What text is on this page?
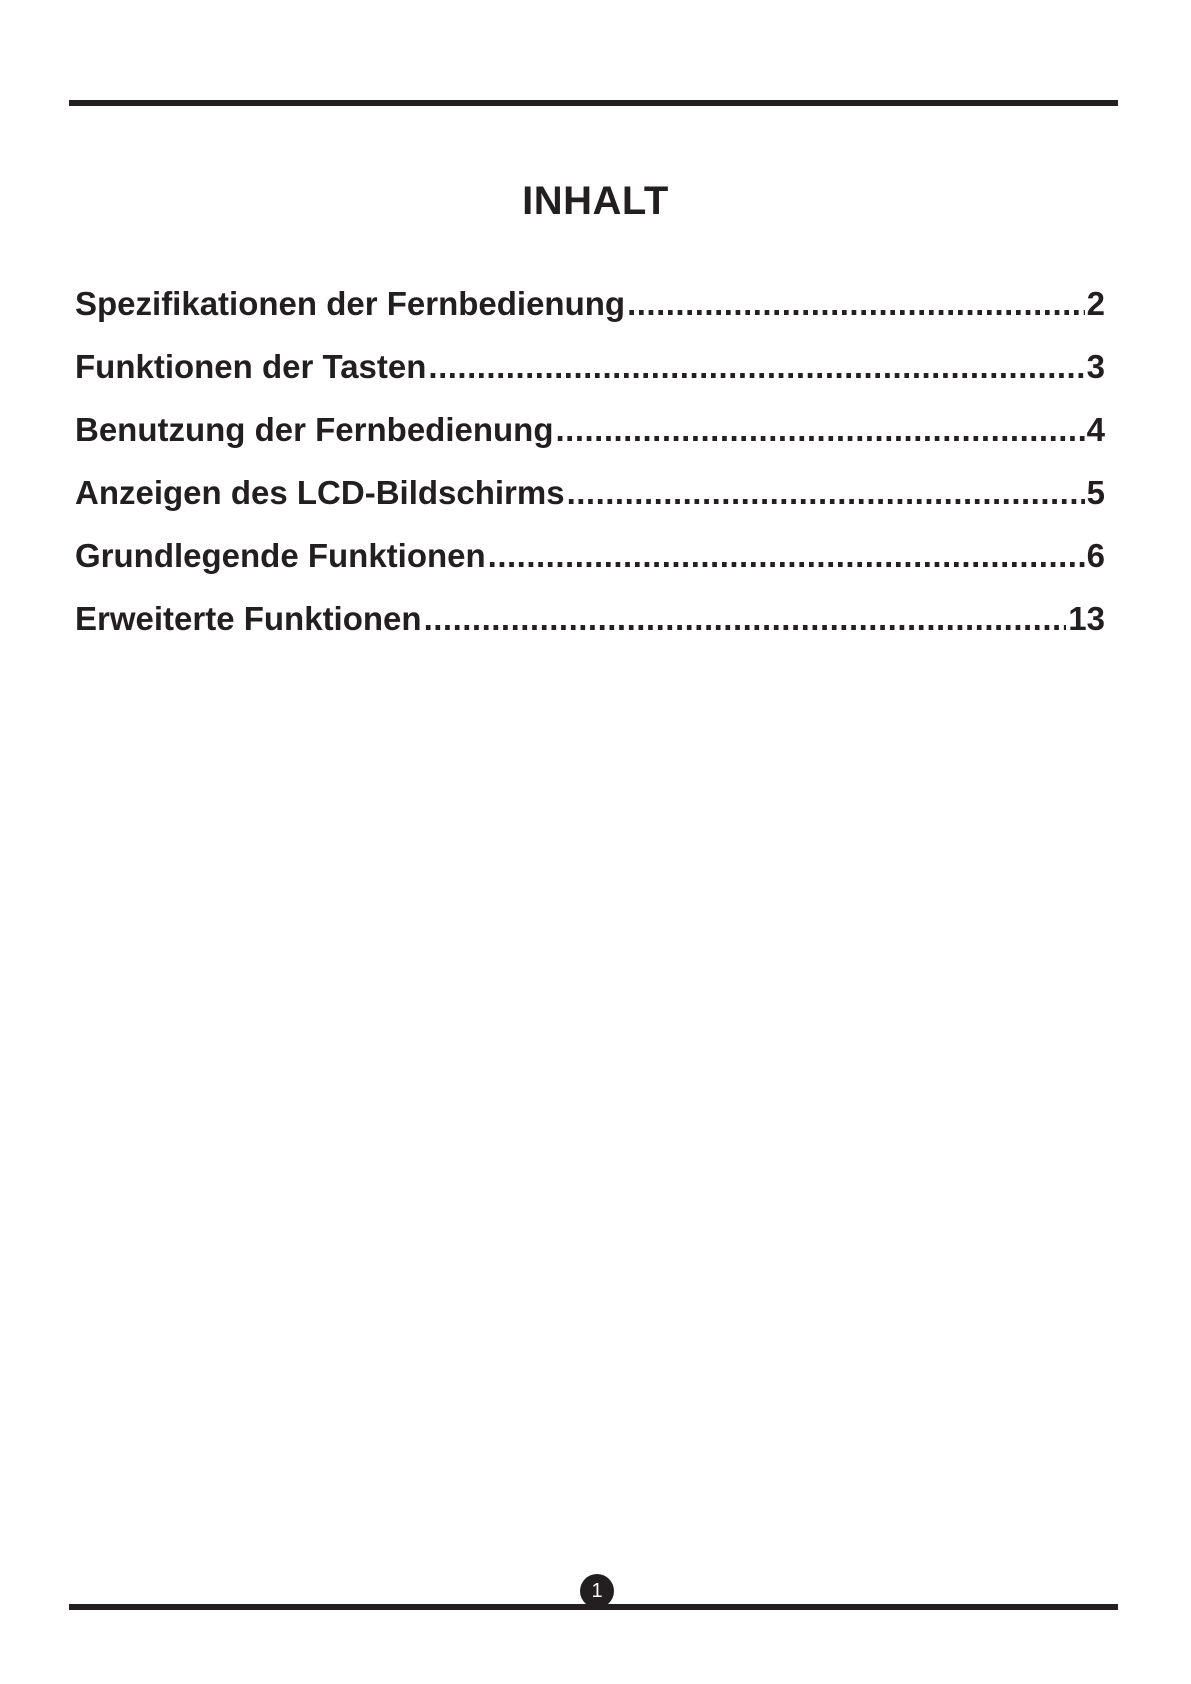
INHALT
Spezifikationen der Fernbedienung .....	2
Funktionen der Tasten .....	3
Benutzung der Fernbedienung .....	4
Anzeigen des LCD-Bildschirms .....	5
Grundlegende Funktionen .....	6
Erweiterte Funktionen .....	13
1
